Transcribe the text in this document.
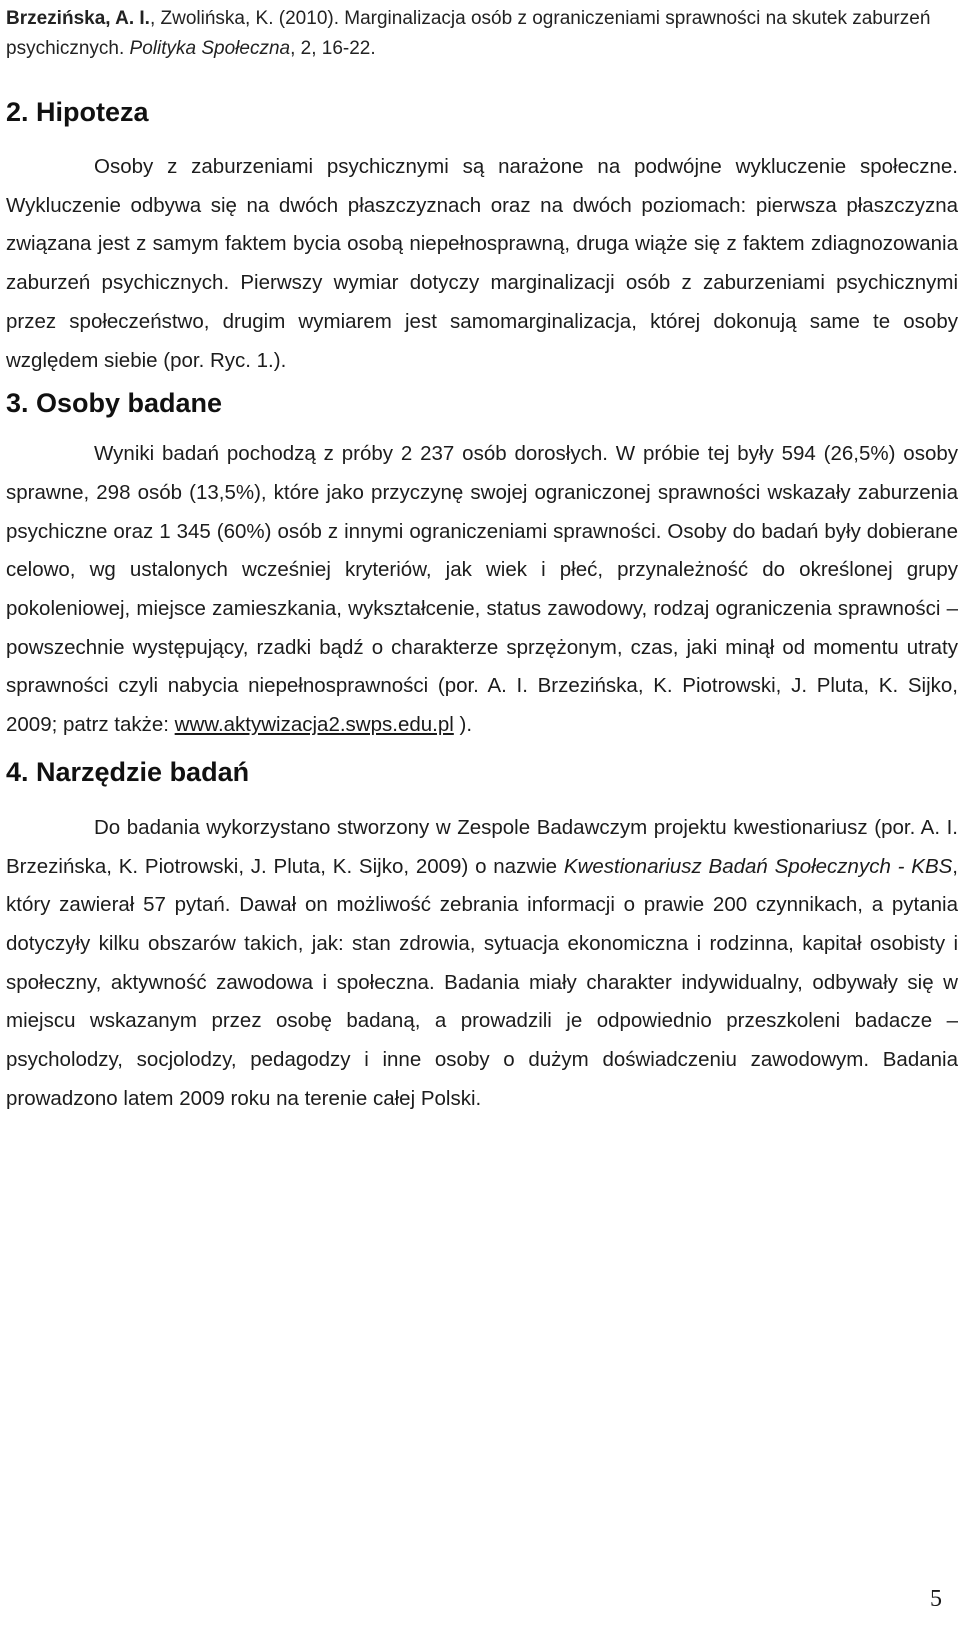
Brzezińska, A. I., Zwolińska, K. (2010). Marginalizacja osób z ograniczeniami sprawności na skutek zaburzeń psychicznych. Polityka Społeczna, 2, 16-22.
2. Hipoteza

Osoby z zaburzeniami psychicznymi są narażone na podwójne wykluczenie społeczne. Wykluczenie odbywa się na dwóch płaszczyznach oraz na dwóch poziomach: pierwsza płaszczyzna związana jest z samym faktem bycia osobą niepełnosprawną, druga wiąże się z faktem zdiagnozowania zaburzeń psychicznych. Pierwszy wymiar dotyczy marginalizacji osób z zaburzeniami psychicznymi przez społeczeństwo, drugim wymiarem jest samomarginalizacja, której dokonują same te osoby względem siebie (por. Ryc. 1.).

3. Osoby badane

Wyniki badań pochodzą z próby 2 237 osób dorosłych. W próbie tej były 594 (26,5%) osoby sprawne, 298 osób (13,5%), które jako przyczynę swojej ograniczonej sprawności wskazały zaburzenia psychiczne oraz 1 345 (60%) osób z innymi ograniczeniami sprawności. Osoby do badań były dobierane celowo, wg ustalonych wcześniej kryteriów, jak wiek i płeć, przynależność do określonej grupy pokoleniowej, miejsce zamieszkania, wykształcenie, status zawodowy, rodzaj ograniczenia sprawności – powszechnie występujący, rzadki bądź o charakterze sprzężonym, czas, jaki minął od momentu utraty sprawności czyli nabycia niepełnosprawności (por. A. I. Brzezińska, K. Piotrowski, J. Pluta, K. Sijko, 2009; patrz także: www.aktywizacja2.swps.edu.pl ).

4. Narzędzie badań

Do badania wykorzystano stworzony w Zespole Badawczym projektu kwestionariusz (por. A. I. Brzezińska, K. Piotrowski, J. Pluta, K. Sijko, 2009) o nazwie Kwestionariusz Badań Społecznych - KBS, który zawierał 57 pytań. Dawał on możliwość zebrania informacji o prawie 200 czynnikach, a pytania dotyczyły kilku obszarów takich, jak: stan zdrowia, sytuacja ekonomiczna i rodzinna, kapitał osobisty i społeczny, aktywność zawodowa i społeczna. Badania miały charakter indywidualny, odbywały się w miejscu wskazanym przez osobę badaną, a prowadzili je odpowiednio przeszkoleni badacze – psycholodzy, socjolodzy, pedagodzy i inne osoby o dużym doświadczeniu zawodowym. Badania prowadzono latem 2009 roku na terenie całej Polski.

5
